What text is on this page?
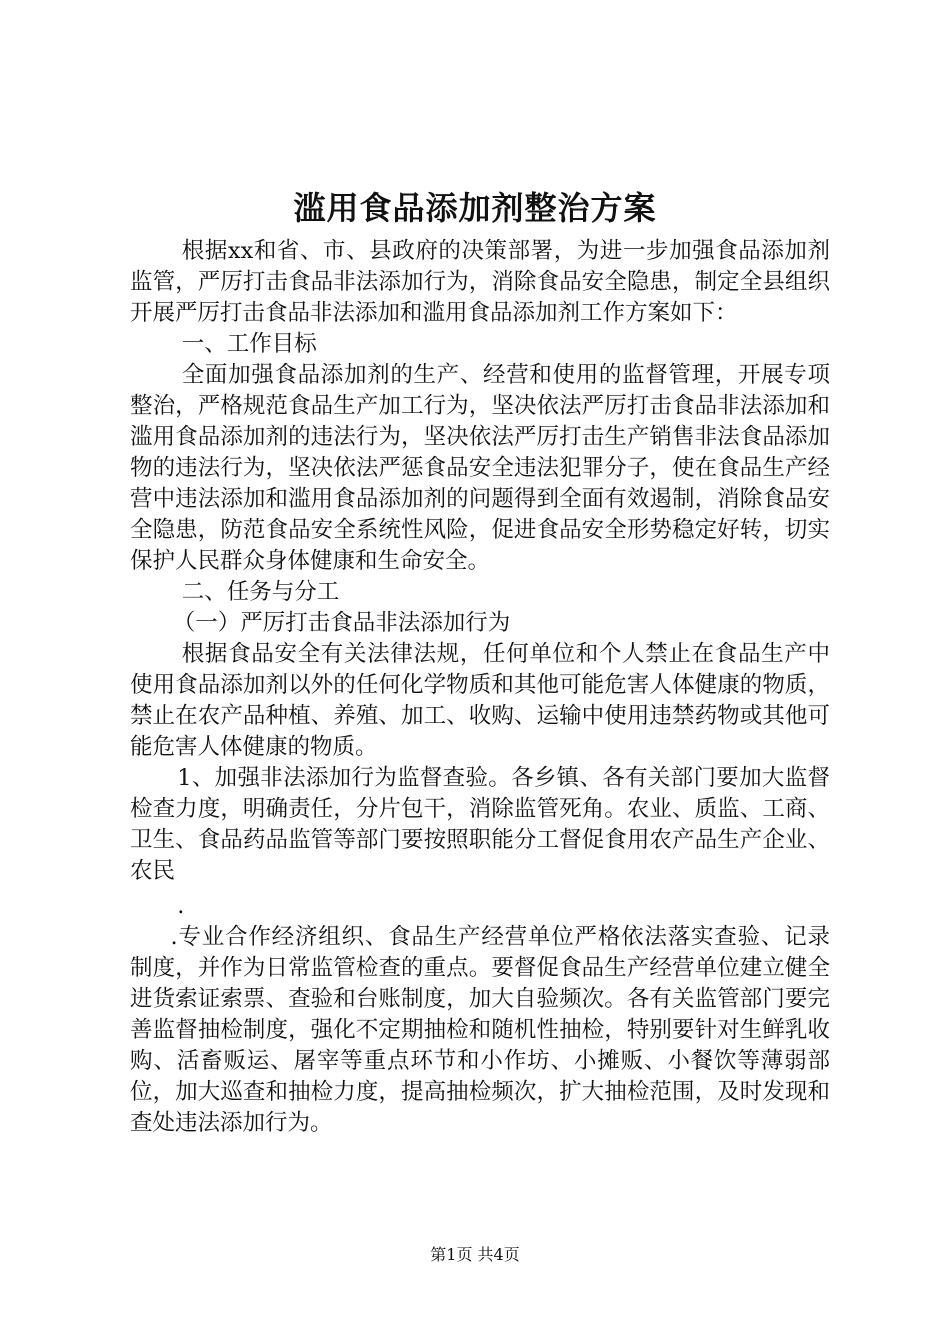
滥用食品添加剂整治方案

根据xx和省、市、县政府的决策部署，为进一步加强食品添加剂监管，严厉打击食品非法添加行为，消除食品安全隐患，制定全县组织开展严厉打击食品非法添加和滥用食品添加剂工作方案如下：

一、工作目标

全面加强食品添加剂的生产、经营和使用的监督管理，开展专项整治，严格规范食品生产加工行为，坚决依法严厉打击食品非法添加和滥用食品添加剂的违法行为，坚决依法严厉打击生产销售非法食品添加物的违法行为，坚决依法严惩食品安全违法犯罪分子，使在食品生产经营中违法添加和滥用食品添加剂的问题得到全面有效遏制，消除食品安全隐患，防范食品安全系统性风险，促进食品安全形势稳定好转，切实保护人民群众身体健康和生命安全。

二、任务与分工

（一）严厉打击食品非法添加行为

根据食品安全有关法律法规，任何单位和个人禁止在食品生产中使用食品添加剂以外的任何化学物质和其他可能危害人体健康的物质，禁止在农产品种植、养殖、加工、收购、运输中使用违禁药物或其他可能危害人体健康的物质。

1、加强非法添加行为监督查验。各乡镇、各有关部门要加大监督检查力度，明确责任，分片包干，消除监管死角。农业、质监、工商、卫生、食品药品监管等部门要按照职能分工督促食用农产品生产企业、农民

.

.专业合作经济组织、食品生产经营单位严格依法落实查验、记录制度，并作为日常监管检查的重点。要督促食品生产经营单位建立健全进货索证索票、查验和台账制度，加大自验频次。各有关监管部门要完善监督抽检制度，强化不定期抽检和随机性抽检，特别要针对生鲜乳收购、活畜贩运、屠宰等重点环节和小作坊、小摊贩、小餐饮等薄弱部位，加大巡查和抽检力度，提高抽检频次，扩大抽检范围，及时发现和查处违法添加行为。

第1页 共4页
